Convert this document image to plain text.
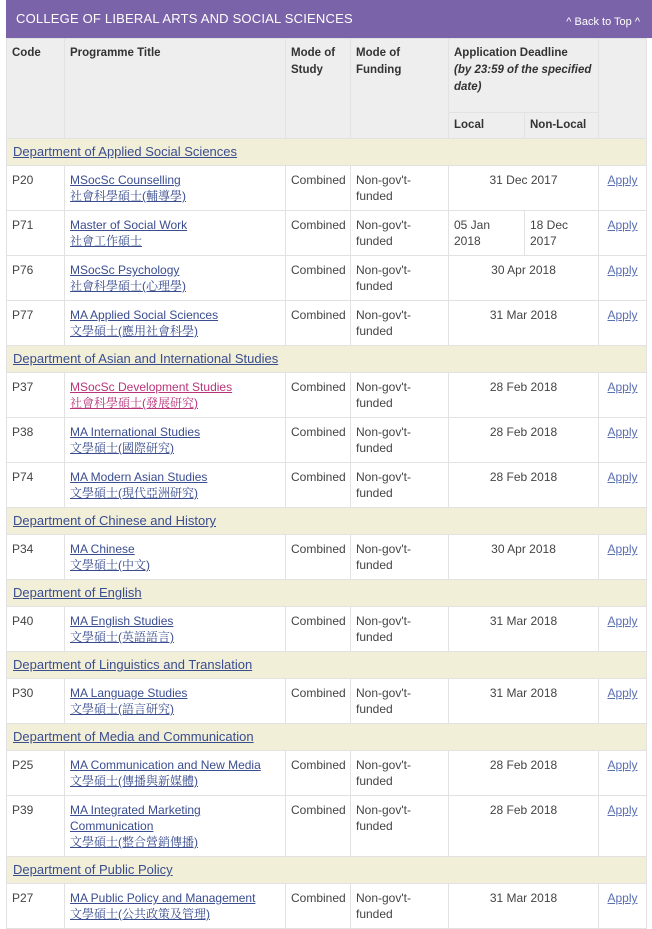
COLLEGE OF LIBERAL ARTS AND SOCIAL SCIENCES	^ Back to Top ^
Code	Programme Title	Mode of Study	Mode of Funding	Application Deadline
(by 23:59 of the specified date)		

				Local	Non-Local	

Department of Applied Social Sciences						

P20	MSocSc Counselling
社會科學碩士(輔導學)	Combined	Non-gov't-funded	31 Dec 2017		Apply

P71	Master of Social Work
社會工作碩士	Combined	Non-gov't-funded	05 Jan 2018	18 Dec 2017	Apply

P76	MSocSc Psychology
社會科學碩士(心理學)	Combined	Non-gov't-funded	30 Apr 2018		Apply

P77	MA Applied Social Sciences
文學碩士(應用社會科學)	Combined	Non-gov't-funded	31 Mar 2018		Apply

Department of Asian and International Studies						

P37	MSocSc Development Studies
社會科學碩士(發展研究)	Combined	Non-gov't-funded	28 Feb 2018		Apply

P38	MA International Studies
文學碩士(國際研究)	Combined	Non-gov't-funded	28 Feb 2018		Apply

P74	MA Modern Asian Studies
文學碩士(現代亞洲研究)	Combined	Non-gov't-funded	28 Feb 2018		Apply

Department of Chinese and History						

P34	MA Chinese
文學碩士(中文)	Combined	Non-gov't-funded	30 Apr 2018		Apply

Department of English						

P40	MA English Studies
文學碩士(英語語言)	Combined	Non-gov't-funded	31 Mar 2018		Apply

Department of Linguistics and Translation						

P30	MA Language Studies
文學碩士(語言研究)	Combined	Non-gov't-funded	31 Mar 2018		Apply

Department of Media and Communication						

P25	MA Communication and New Media
文學碩士(傳播與新媒體)	Combined	Non-gov't-funded	28 Feb 2018		Apply

P39	MA Integrated Marketing Communication
文學碩士(整合營銷傳播)	Combined	Non-gov't-funded	28 Feb 2018		Apply

Department of Public Policy						

P27	MA Public Policy and Management
文學碩士(公共政策及管理)	Combined	Non-gov't-funded	31 Mar 2018		Apply
